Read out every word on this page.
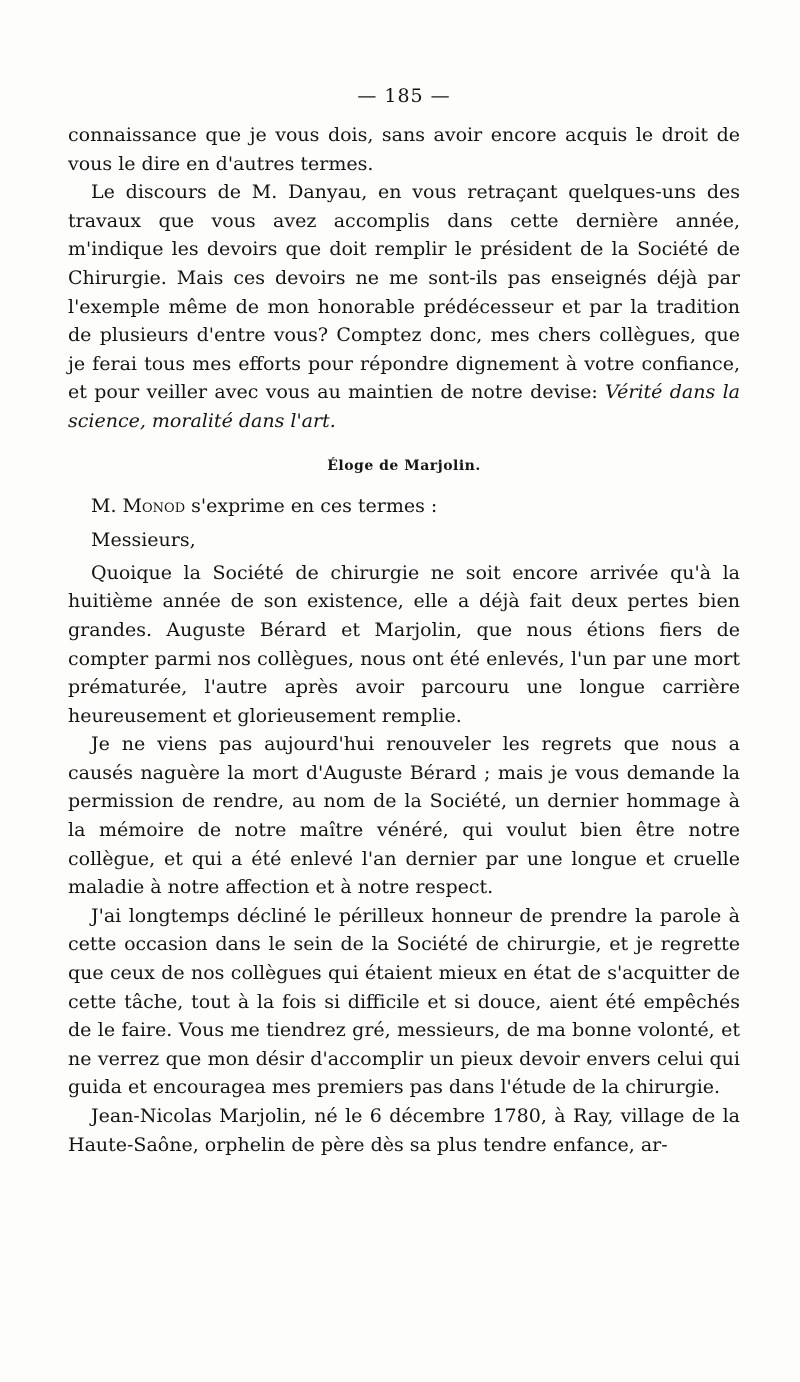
— 185 —

connaissance que je vous dois, sans avoir encore acquis le droit de vous le dire en d'autres termes.

Le discours de M. Danyau, en vous retraçant quelques-uns des travaux que vous avez accomplis dans cette dernière année, m'indique les devoirs que doit remplir le président de la Société de Chirurgie. Mais ces devoirs ne me sont-ils pas enseignés déjà par l'exemple même de mon honorable prédécesseur et par la tradition de plusieurs d'entre vous? Comptez donc, mes chers collègues, que je ferai tous mes efforts pour répondre dignement à votre confiance, et pour veiller avec vous au maintien de notre devise: Vérité dans la science, moralité dans l'art.

Éloge de Marjolin.

M. Monod s'exprime en ces termes :

Messieurs,

Quoique la Société de chirurgie ne soit encore arrivée qu'à la huitième année de son existence, elle a déjà fait deux pertes bien grandes. Auguste Bérard et Marjolin, que nous étions fiers de compter parmi nos collègues, nous ont été enlevés, l'un par une mort prématurée, l'autre après avoir parcouru une longue carrière heureusement et glorieusement remplie.

Je ne viens pas aujourd'hui renouveler les regrets que nous a causés naguère la mort d'Auguste Bérard ; mais je vous demande la permission de rendre, au nom de la Société, un dernier hommage à la mémoire de notre maître vénéré, qui voulut bien être notre collègue, et qui a été enlevé l'an dernier par une longue et cruelle maladie à notre affection et à notre respect.

J'ai longtemps décliné le périlleux honneur de prendre la parole à cette occasion dans le sein de la Société de chirurgie, et je regrette que ceux de nos collègues qui étaient mieux en état de s'acquitter de cette tâche, tout à la fois si difficile et si douce, aient été empêchés de le faire. Vous me tiendrez gré, messieurs, de ma bonne volonté, et ne verrez que mon désir d'accomplir un pieux devoir envers celui qui guida et encouragea mes premiers pas dans l'étude de la chirurgie.

Jean-Nicolas Marjolin, né le 6 décembre 1780, à Ray, village de la Haute-Saône, orphelin de père dès sa plus tendre enfance, ar-
